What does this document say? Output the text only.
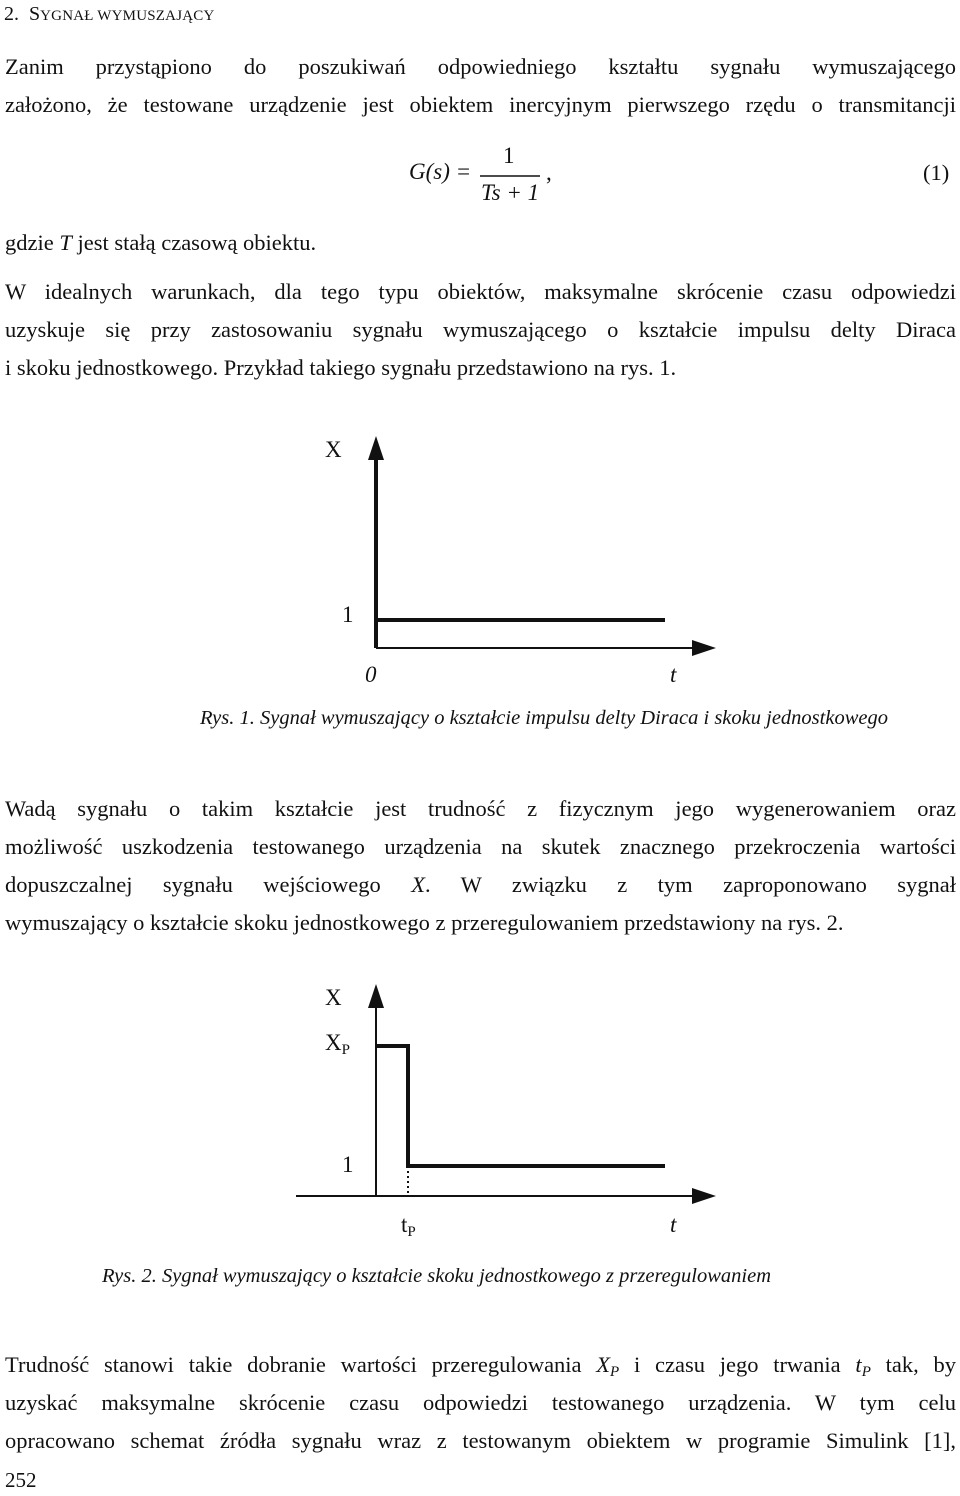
2. SYGNAŁ WYMUSZAJĄCY
Zanim przystąpiono do poszukiwań odpowiedniego kształtu sygnału wymuszającego
założono, że testowane urządzenie jest obiektem inercyjnym pierwszego rzędu o transmitancji
G(s) =
1
Ts + 1
,	(1)
gdzie T jest stałą czasową obiektu.
W idealnych warunkach, dla tego typu obiektów, maksymalne skrócenie czasu odpowiedzi
uzyskuje się przy zastosowaniu sygnału wymuszającego o kształcie impulsu delty Diraca
i skoku jednostkowego. Przykład takiego sygnału przedstawiono na rys. 1.
X
1
0	t
Rys. 1. Sygnał wymuszający o kształcie impulsu delty Diraca i skoku jednostkowego
Wadą sygnału o takim kształcie jest trudność z fizycznym jego wygenerowaniem oraz
możliwość uszkodzenia testowanego urządzenia na skutek znacznego przekroczenia wartości
dopuszczalnej sygnału wejściowego X. W związku z tym zaproponowano sygnał
wymuszający o kształcie skoku jednostkowego z przeregulowaniem przedstawiony na rys. 2.
X
$X_P$
1
$t_P$	t
Rys. 2. Sygnał wymuszający o kształcie skoku jednostkowego z przeregulowaniem
Trudność stanowi takie dobranie wartości przeregulowania $X_P$ i czasu jego trwania $t_P$ tak, by
uzyskać maksymalne skrócenie czasu odpowiedzi testowanego urządzenia. W tym celu
opracowano schemat źródła sygnału wraz z testowanym obiektem w programie Simulink [1],
252
